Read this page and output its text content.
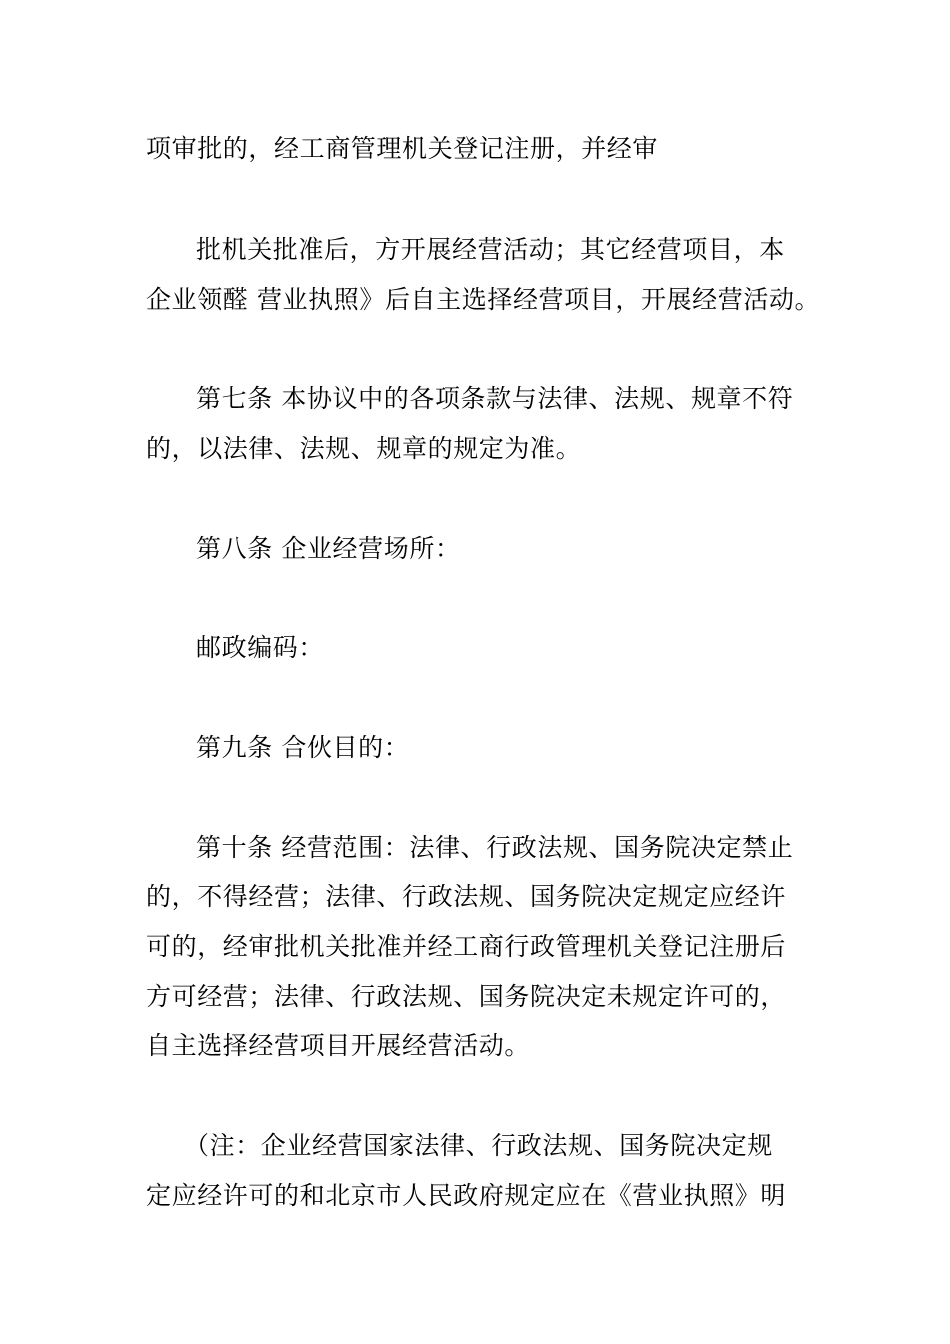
项审批的，经工商管理机关登记注册，并经审
批机关批准后，方开展经营活动；其它经营项目，本
企业领醛 营业执照》后自主选择经营项目，开展经营活动。
第七条 本协议中的各项条款与法律、法规、规章不符
的，以法律、法规、规章的规定为准。
第八条 企业经营场所：
邮政编码：
第九条 合伙目的：
第十条 经营范围：法律、行政法规、国务院决定禁止
的，不得经营；法律、行政法规、国务院决定规定应经许
可的，经审批机关批准并经工商行政管理机关登记注册后
方可经营；法律、行政法规、国务院决定未规定许可的，
自主选择经营项目开展经营活动。
（注：企业经营国家法律、行政法规、国务院决定规
定应经许可的和北京市人民政府规定应在《营业执照》明
